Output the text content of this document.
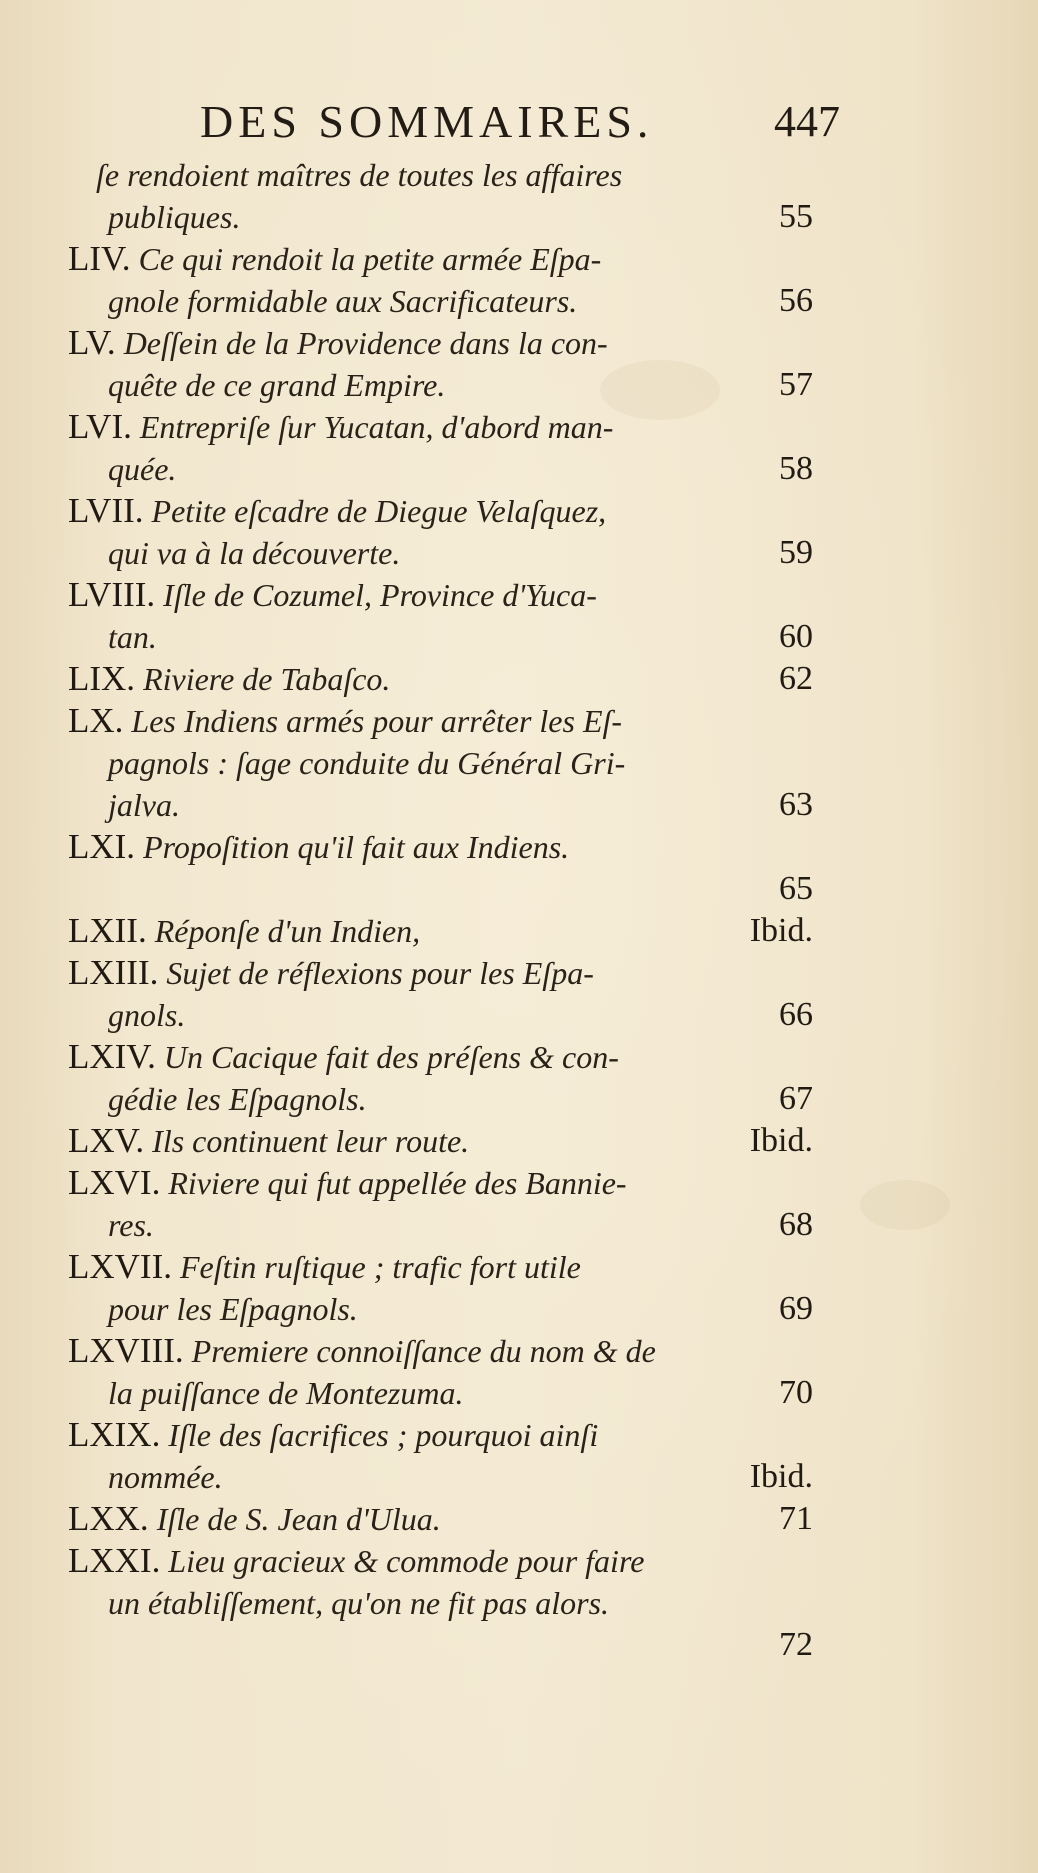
DES SOMMAIRES.	447
ſe rendoient maîtres de toutes les affaires
publiques.	55
LIV. Ce qui rendoit la petite armée Eſpa-
gnole formidable aux Sacrificateurs.	56
LV. Deſſein de la Providence dans la con-
quête de ce grand Empire.	57
LVI. Entrepriſe ſur Yucatan, d'abord man-
quée.	58
LVII. Petite eſcadre de Diegue Velaſquez,
qui va à la découverte.	59
LVIII. Iſle de Cozumel, Province d'Yuca-
tan.	60
LIX. Riviere de Tabaſco.	62
LX. Les Indiens armés pour arrêter les Eſ-
pagnols : ſage conduite du Général Gri-
jalva.	63
LXI. Propoſition qu'il fait aux Indiens.
65
LXII. Réponſe d'un Indien,	Ibid.
LXIII. Sujet de réflexions pour les Eſpa-
gnols.	66
LXIV. Un Cacique fait des préſens & con-
gédie les Eſpagnols.	67
LXV. Ils continuent leur route.	Ibid.
LXVI. Riviere qui fut appellée des Bannie-
res.	68
LXVII. Feſtin ruſtique ; trafic fort utile
pour les Eſpagnols.	69
LXVIII. Premiere connoiſſance du nom & de
la puiſſance de Montezuma.	70
LXIX. Iſle des ſacrifices ; pourquoi ainſi
nommée.	Ibid.
LXX. Iſle de S. Jean d'Ulua.	71
LXXI. Lieu gracieux & commode pour faire
un établiſſement, qu'on ne fit pas alors.
72
